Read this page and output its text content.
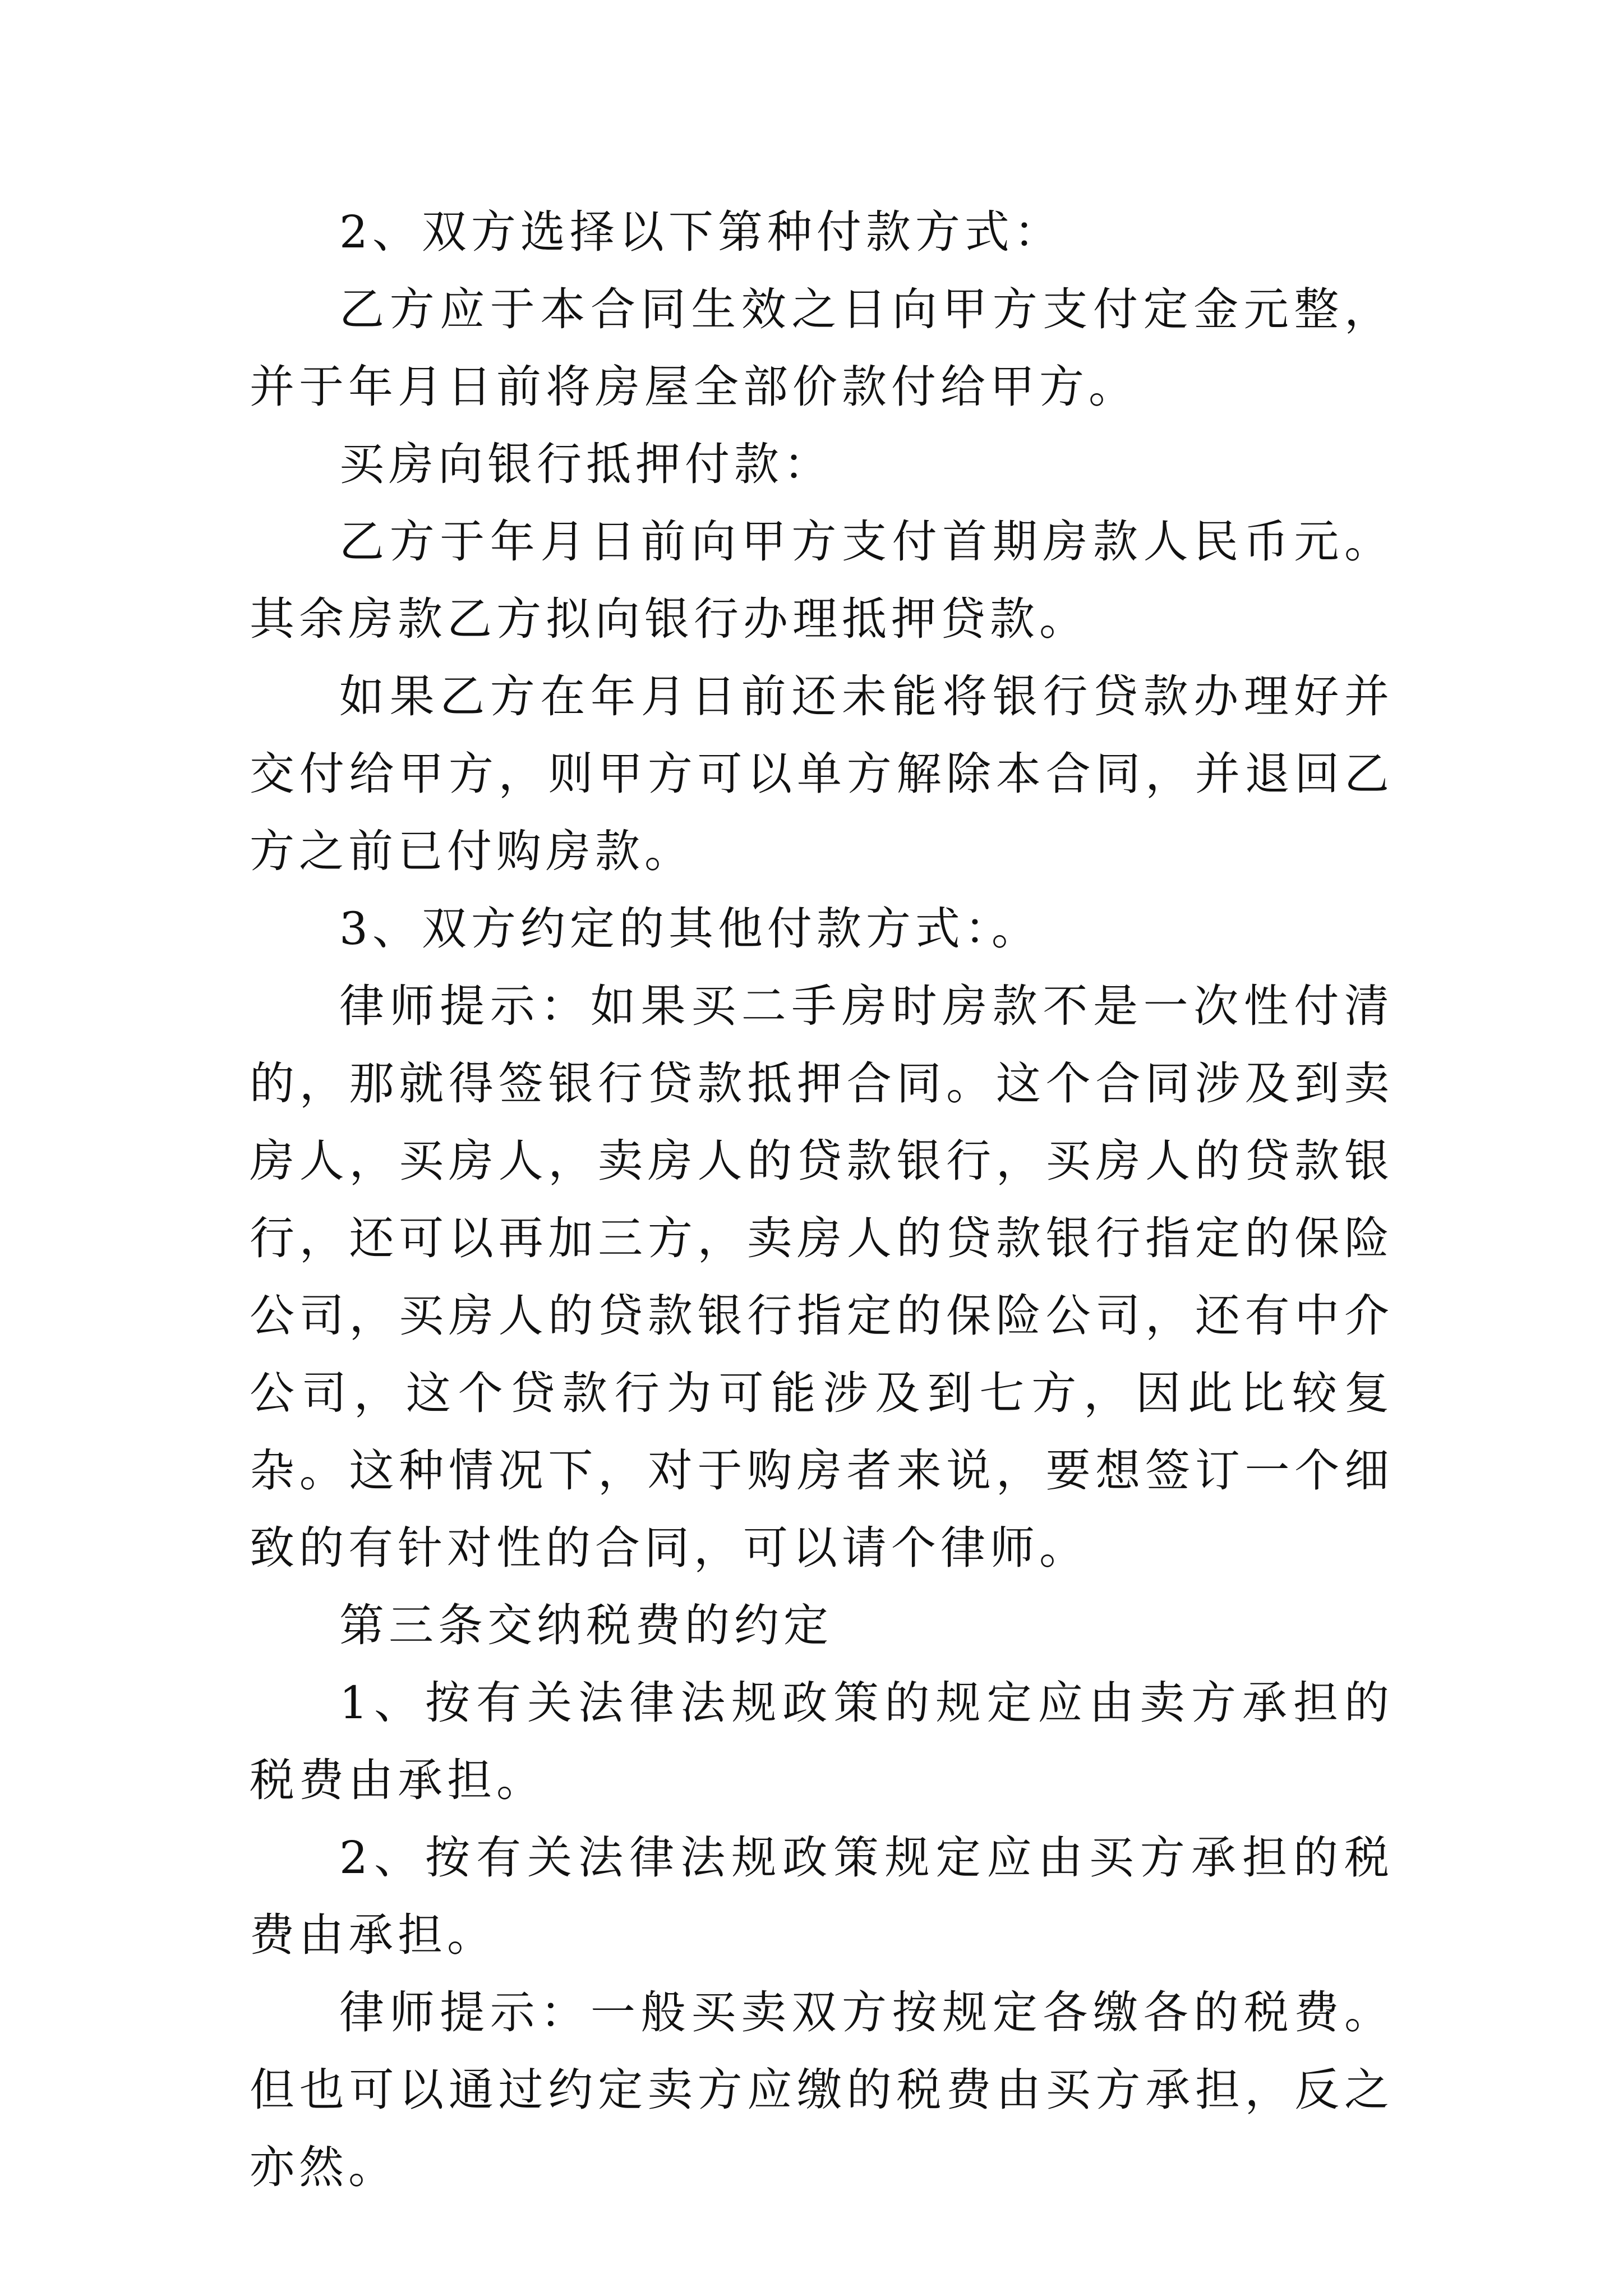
2、双方选择以下第种付款方式：

乙方应于本合同生效之日向甲方支付定金元整，并于年月日前将房屋全部价款付给甲方。

买房向银行抵押付款：

乙方于年月日前向甲方支付首期房款人民币元。其余房款乙方拟向银行办理抵押贷款。

如果乙方在年月日前还未能将银行贷款办理好并交付给甲方，则甲方可以单方解除本合同，并退回乙方之前已付购房款。

3、双方约定的其他付款方式：。

律师提示：如果买二手房时房款不是一次性付清的，那就得签银行贷款抵押合同。这个合同涉及到卖房人，买房人，卖房人的贷款银行，买房人的贷款银行，还可以再加三方，卖房人的贷款银行指定的保险公司，买房人的贷款银行指定的保险公司，还有中介公司，这个贷款行为可能涉及到七方，因此比较复杂。这种情况下，对于购房者来说，要想签订一个细致的有针对性的合同，可以请个律师。

第三条交纳税费的约定

1、按有关法律法规政策的规定应由卖方承担的税费由承担。

2、按有关法律法规政策规定应由买方承担的税费由承担。

律师提示：一般买卖双方按规定各缴各的税费。但也可以通过约定卖方应缴的税费由买方承担，反之亦然。
